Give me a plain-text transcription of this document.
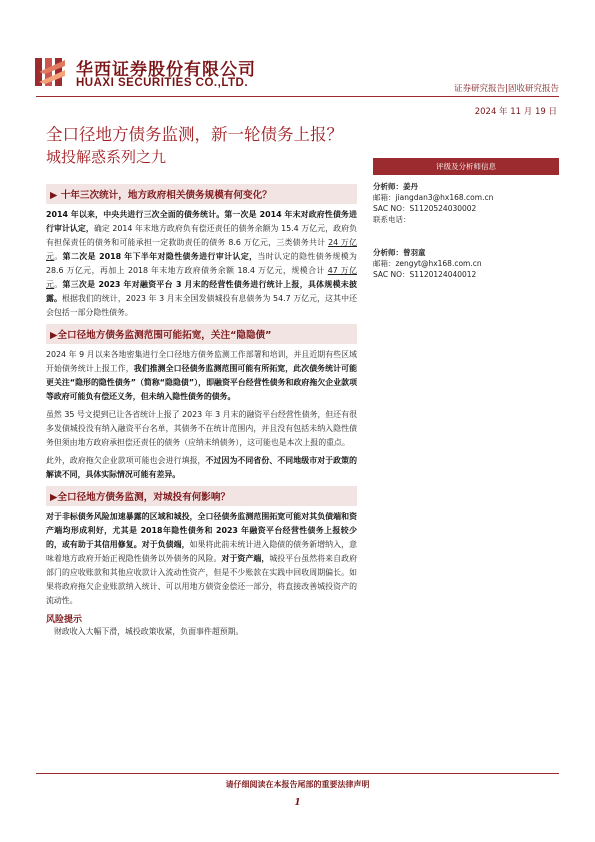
华西证券股份有限公司
HUAXI SECURITIES CO.,LTD.	证券研究报告|固收研究报告
2024 年 11 月 19 日
全口径地方债务监测，新一轮债务上报？
城投解惑系列之九
▶ 十年三次统计，地方政府相关债务规模有何变化？
2014 年以来，中央共进行三次全面的债务统计。第一次是 2014 年末对政府性债务进行审计认定，确定 2014 年末地方政府负有偿还责任的债务余额为 15.4 万亿元，政府负有担保责任的债务和可能承担一定救助责任的债务 8.6 万亿元，三类债务共计 24 万亿元。第二次是 2018 年下半年对隐性债务进行审计认定，当时认定的隐性债务规模为 28.6 万亿元，再加上 2018 年末地方政府债务余额 18.4 万亿元，规模合计 47 万亿元。第三次是 2023 年对融资平台 3 月末的经营性债务进行统计上报，具体规模未披露。根据我们的统计，2023 年 3 月末全国发债城投有息债务为 54.7 万亿元，这其中还会包括一部分隐性债务。
▶全口径地方债务监测范围可能拓宽，关注“隐隐债”
2024 年 9 月以来各地密集进行全口径地方债务监测工作部署和培训，并且近期有些区域开始债务统计上报工作，我们推测全口径债务监测范围可能有所拓宽，此次债务统计可能更关注“隐形的隐性债务”（简称“隐隐债”），即融资平台经营性债务和政府拖欠企业款项等政府可能负有偿还义务，但未纳入隐性债务的债务。
虽然 35 号文提到已让各省统计上报了 2023 年 3 月末的融资平台经营性债务，但还有很多发债城投没有纳入融资平台名单，其债务不在统计范围内，并且没有包括未纳入隐性债务但须由地方政府承担偿还责任的债务（应纳未纳债务），这可能也是本次上报的重点。
此外，政府拖欠企业款项可能也会进行填报，不过因为不同省份、不同地级市对于政策的解读不同，具体实际情况可能有差异。
▶全口径地方债务监测，对城投有何影响？
对于非标债务风险加速暴露的区域和城投，全口径债务监测范围拓宽可能对其负债端和资产端均形成利好，尤其是 2018年隐性债务和 2023 年融资平台经营性债务上报较少的，或有助于其信用修复。对于负债端，如果将此前未统计进入隐债的债务新增纳入，意味着地方政府开始正视隐性债务以外债务的风险。对于资产端，城投平台虽然将来自政府部门的应收账款和其他应收款计入流动性资产，但是不少账款在实践中回收周期偏长。如果将政府拖欠企业账款纳入统计、可以用地方债资金偿还一部分，将直接改善城投资产的流动性。
风险提示
财政收入大幅下滑，城投政策收紧，负面事件超预期。
评级及分析师信息
分析师：姜丹
邮箱：jiangdan3@hx168.com.cn
SAC NO：S1120524030002
联系电话：
分析师：曾羽童
邮箱：zengyt@hx168.com.cn
SAC NO：S1120124040012
请仔细阅读在本报告尾部的重要法律声明
1
